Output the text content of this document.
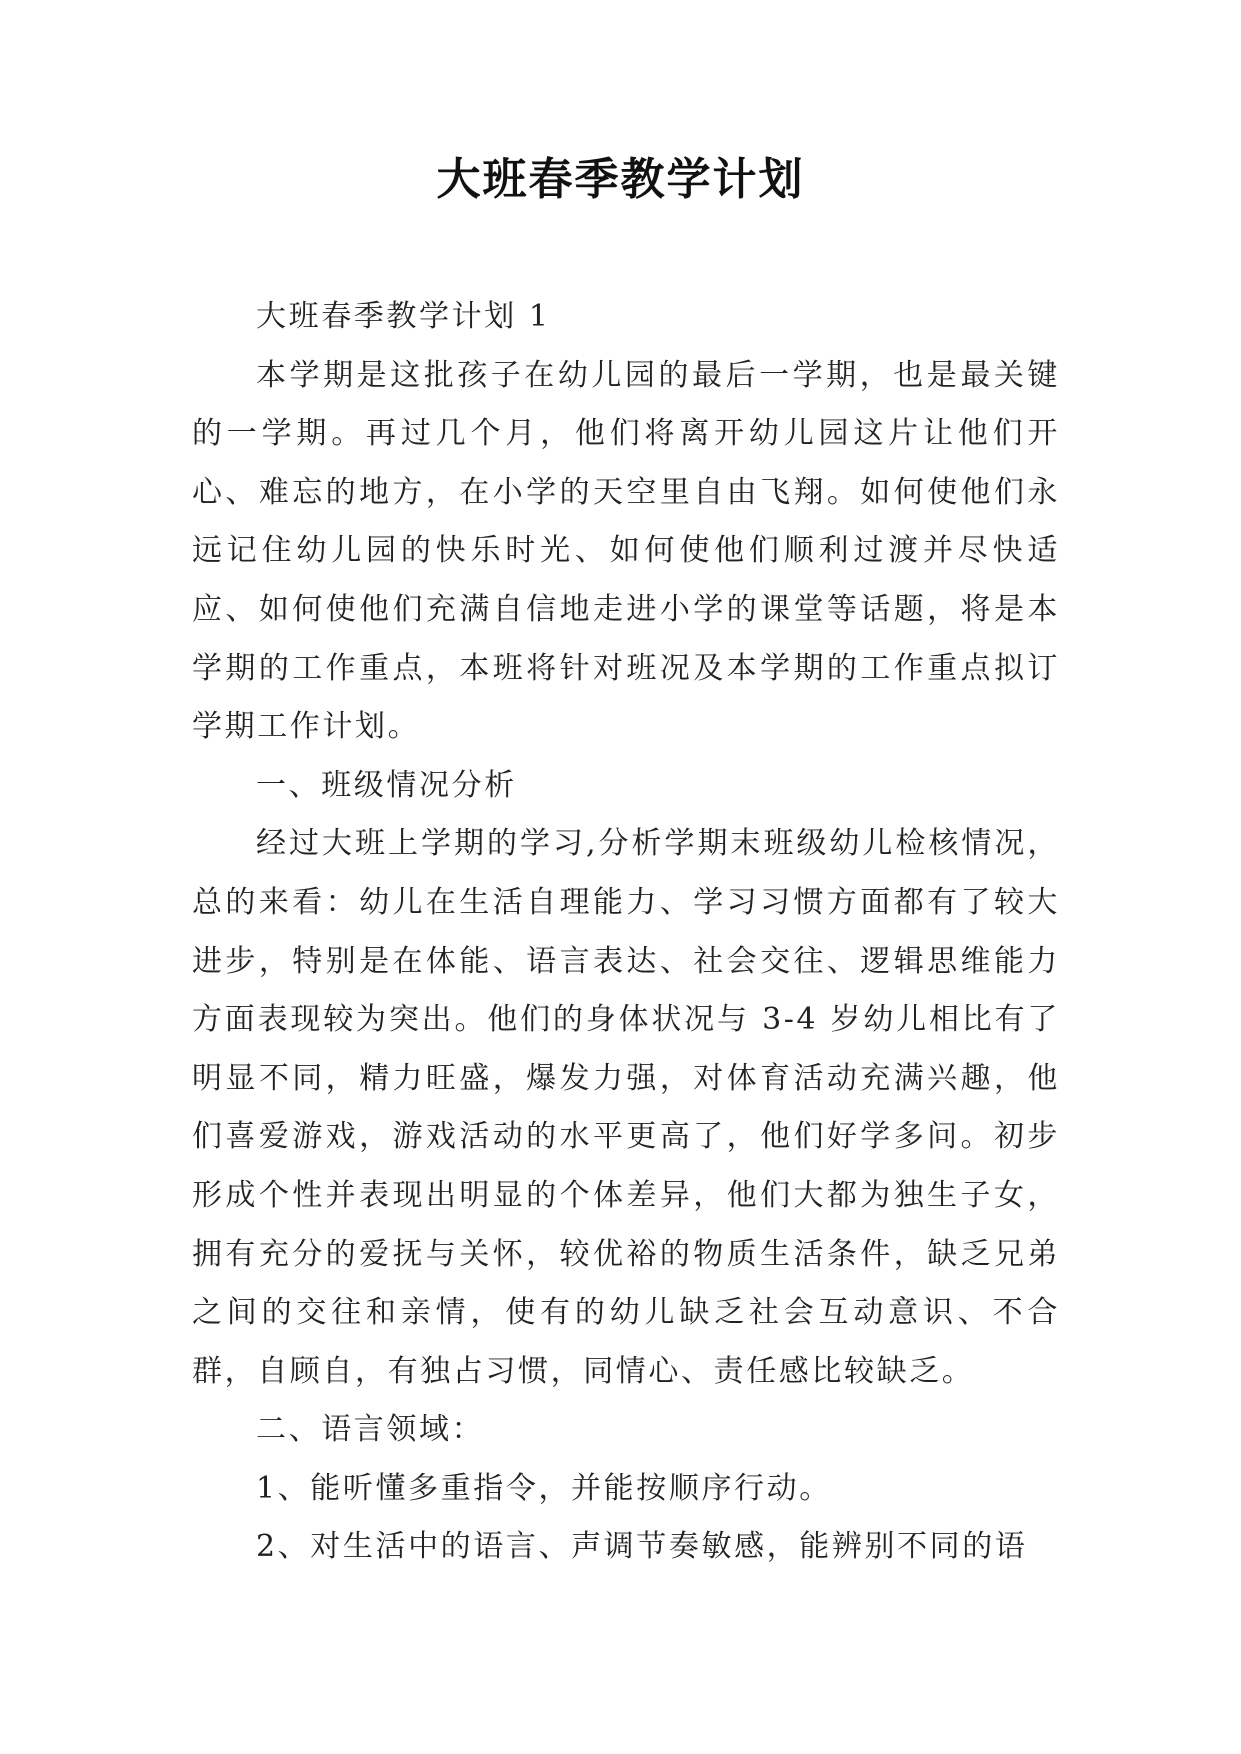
大班春季教学计划

大班春季教学计划 1

本学期是这批孩子在幼儿园的最后一学期，也是最关键的一学期。再过几个月，他们将离开幼儿园这片让他们开心、难忘的地方，在小学的天空里自由飞翔。如何使他们永远记住幼儿园的快乐时光、如何使他们顺利过渡并尽快适应、如何使他们充满自信地走进小学的课堂等话题，将是本学期的工作重点，本班将针对班况及本学期的工作重点拟订学期工作计划。

一、班级情况分析

经过大班上学期的学习,分析学期末班级幼儿检核情况，总的来看：幼儿在生活自理能力、学习习惯方面都有了较大进步，特别是在体能、语言表达、社会交往、逻辑思维能力方面表现较为突出。他们的身体状况与 3-4 岁幼儿相比有了明显不同，精力旺盛，爆发力强，对体育活动充满兴趣，他们喜爱游戏，游戏活动的水平更高了，他们好学多问。初步形成个性并表现出明显的个体差异，他们大都为独生子女，拥有充分的爱抚与关怀，较优裕的物质生活条件，缺乏兄弟之间的交往和亲情，使有的幼儿缺乏社会互动意识、不合群，自顾自，有独占习惯，同情心、责任感比较缺乏。

二、语言领域：

1、能听懂多重指令，并能按顺序行动。

2、对生活中的语言、声调节奏敏感，能辨别不同的语
